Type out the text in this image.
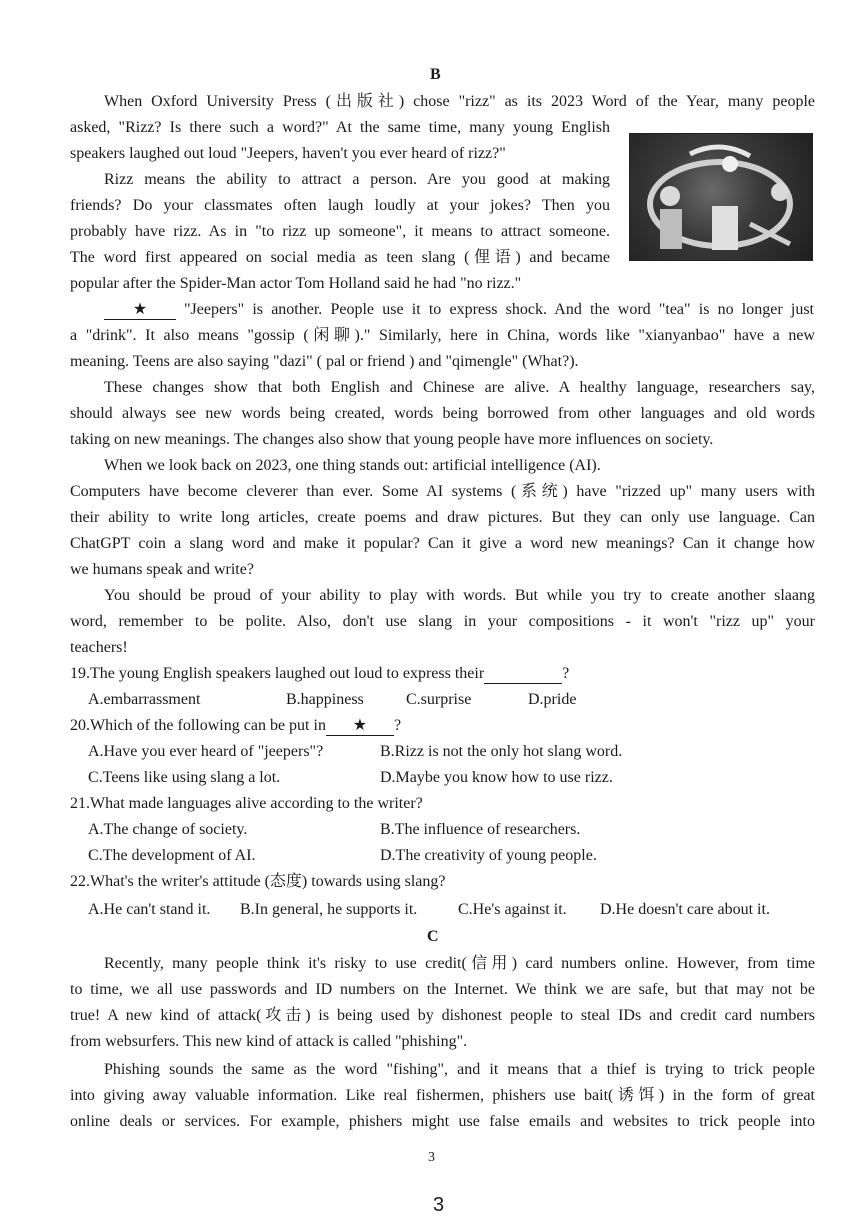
B
When Oxford University Press (出版社) chose "rizz" as its 2023 Word of the Year, many people
asked, "Rizz? Is there such a word?" At the same time, many young English
speakers laughed out loud "Jeepers, haven't you ever heard of rizz?"
Rizz means the ability to attract a person. Are you good at making
friends? Do your classmates often laugh loudly at your jokes? Then you
probably have rizz. As in "to rizz up someone", it means to attract someone.
The word first appeared on social media as teen slang (俚语) and became
popular after the Spider-Man actor Tom Holland said he had "no rizz."
★ "Jeepers" is another. People use it to express shock. And the word "tea" is no longer just
a "drink". It also means "gossip (闲聊)." Similarly, here in China, words like "xianyanbao" have a new
meaning. Teens are also saying "dazi" ( pal or friend ) and "qimengle" (What?).
These changes show that both English and Chinese are alive. A healthy language, researchers say,
should always see new words being created, words being borrowed from other languages and old words
taking on new meanings. The changes also show that young people have more influences on society.
When we look back on 2023, one thing stands out: artificial intelligence (AI).
Computers have become cleverer than ever. Some AI systems (系统) have "rizzed up" many users with
their ability to write long articles, create poems and draw pictures. But they can only use language. Can
ChatGPT coin a slang word and make it popular? Can it give a word new meanings? Can it change how
we humans speak and write?
You should be proud of your ability to play with words. But while you try to create another slaang
word, remember to be polite. Also, don't use slang in your compositions - it won't "rizz up" your
teachers!
19.The young English speakers laughed out loud to express their	?
A.embarrassment	B.happiness	C.surprise	D.pride
20.Which of the following can be put in ★ ?
A.Have you ever heard of "jeepers"?	B.Rizz is not the only hot slang word.
C.Teens like using slang a lot.	D.Maybe you know how to use rizz.
21.What made languages alive according to the writer?
A.The change of society.	B.The influence of researchers.
C.The development of AI.	D.The creativity of young people.
22.What's the writer's attitude (态度) towards using slang?
A.He can't stand it. B.In general, he supports it.	C.He's against it. D.He doesn't care about it.
C
Recently, many people think it's risky to use credit(信用) card numbers online. However, from time
to time, we all use passwords and ID numbers on the Internet. We think we are safe, but that may not be
true! A new kind of attack(攻击) is being used by dishonest people to steal IDs and credit card numbers
from websurfers. This new kind of attack is called "phishing".
Phishing sounds the same as the word "fishing", and it means that a thief is trying to trick people
into giving away valuable information. Like real fishermen, phishers use bait(诱饵) in the form of great
online deals or services. For example, phishers might use false emails and websites to trick people into
3
3
